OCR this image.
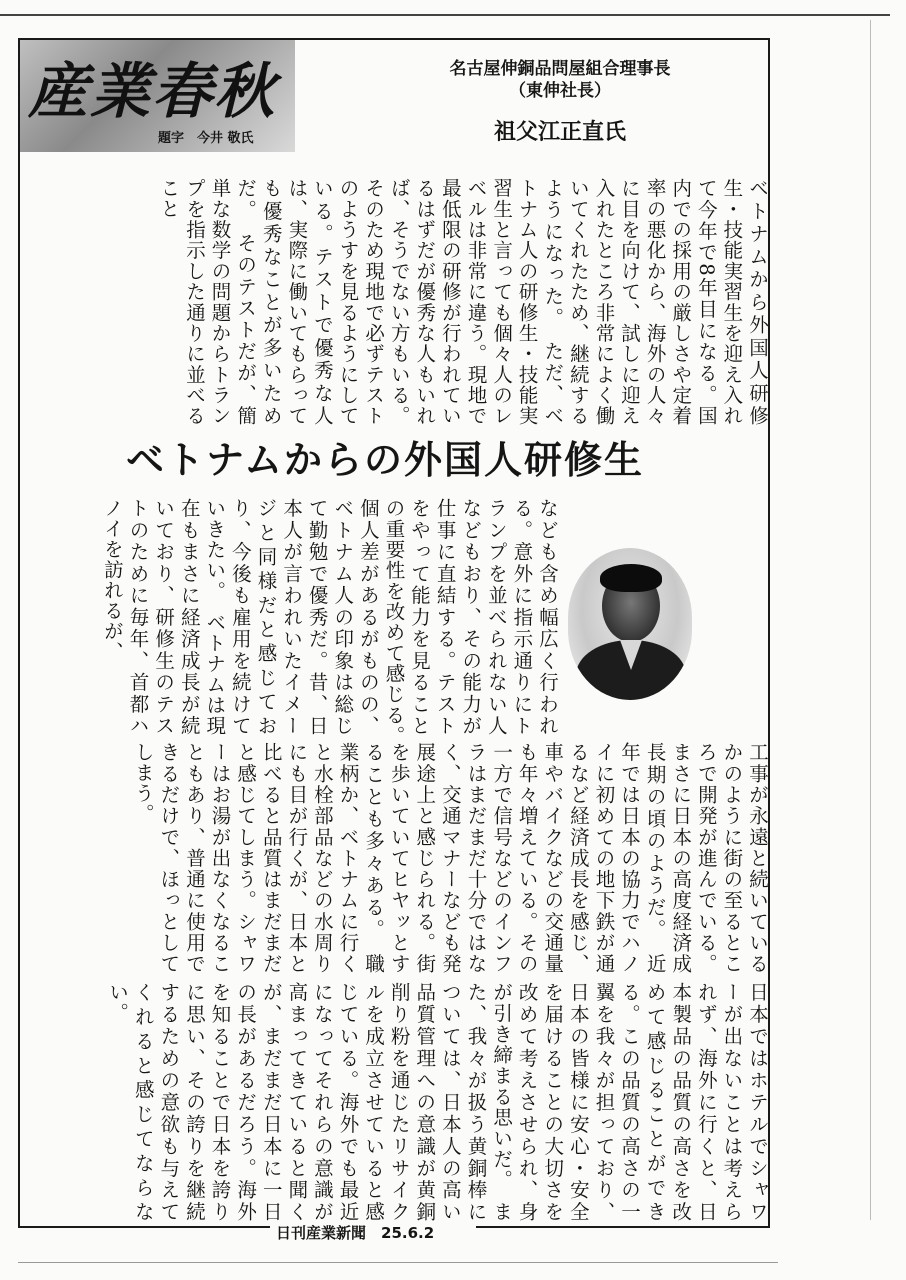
産業春秋
題字　今井 敬氏
名古屋伸銅品問屋組合理事長
（東伸社長）
祖父江正直氏
ベトナムから外国人研修生・技能実習生を迎え入れて今年で8年目になる。国内での採用の厳しさや定着率の悪化から、海外の人々に目を向けて、試しに迎え入れたところ非常によく働いてくれたため、継続するようになった。　ただ、ベトナム人の研修生・技能実習生と言っても個々人のレベルは非常に違う。現地で最低限の研修が行われているはずだが優秀な人もいれば、そうでない方もいる。そのため現地で必ずテストのようすを見るようにしている。テストで優秀な人は、実際に働いてもらっても優秀なことが多いためだ。　そのテストだが、簡単な数学の問題からトランプを指示した通りに並べること
ベトナムからの外国人研修生
なども含め幅広く行われる。意外に指示通りにトランプを並べられない人などもおり、その能力が仕事に直結する。テストをやって能力を見ることの重要性を改めて感じる。　個人差があるがものの、ベトナム人の印象は総じて勤勉で優秀だ。昔、日本人が言われいたイメージと同様だと感じており、今後も雇用を続けていきたい。　ベトナムは現在もまさに経済成長が続いており、研修生のテストのために毎年、首都ハノイを訪れるが、
工事が永遠と続いているかのように街の至るところで開発が進んでいる。まさに日本の高度経済成長期の頃のようだ。　近年では日本の協力でハノイに初めての地下鉄が通るなど経済成長を感じ、車やバイクなどの交通量も年々増えている。その一方で信号などのインフラはまだまだ十分ではなく、交通マナーなども発展途上と感じられる。街を歩いていてヒヤッとすることも多々ある。　職業柄か、ベトナムに行くと水栓部品などの水周りにも目が行くが、日本と比べると品質はまだまだと感じてしまう。シャワーはお湯が出なくなることもあり、普通に使用できるだけで、ほっとしてしまう。
日本ではホテルでシャワーが出ないことは考えられず、海外に行くと、日本製品の品質の高さを改めて感じることができる。この品質の高さの一翼を我々が担っており、日本の皆様に安心・安全を届けることの大切さを改めて考えさせられ、身が引き締まる思いだ。　また、我々が扱う黄銅棒については、日本人の高い品質管理への意識が黄銅削り粉を通じたリサイクルを成立させていると感じている。海外でも最近になってそれらの意識が高まってきていると聞くが、まだまだ日本に一日の長があるだろう。海外を知ることで日本を誇りに思い、その誇りを継続するための意欲も与えてくれると感じてならない。
日刊産業新聞　25.6.2
